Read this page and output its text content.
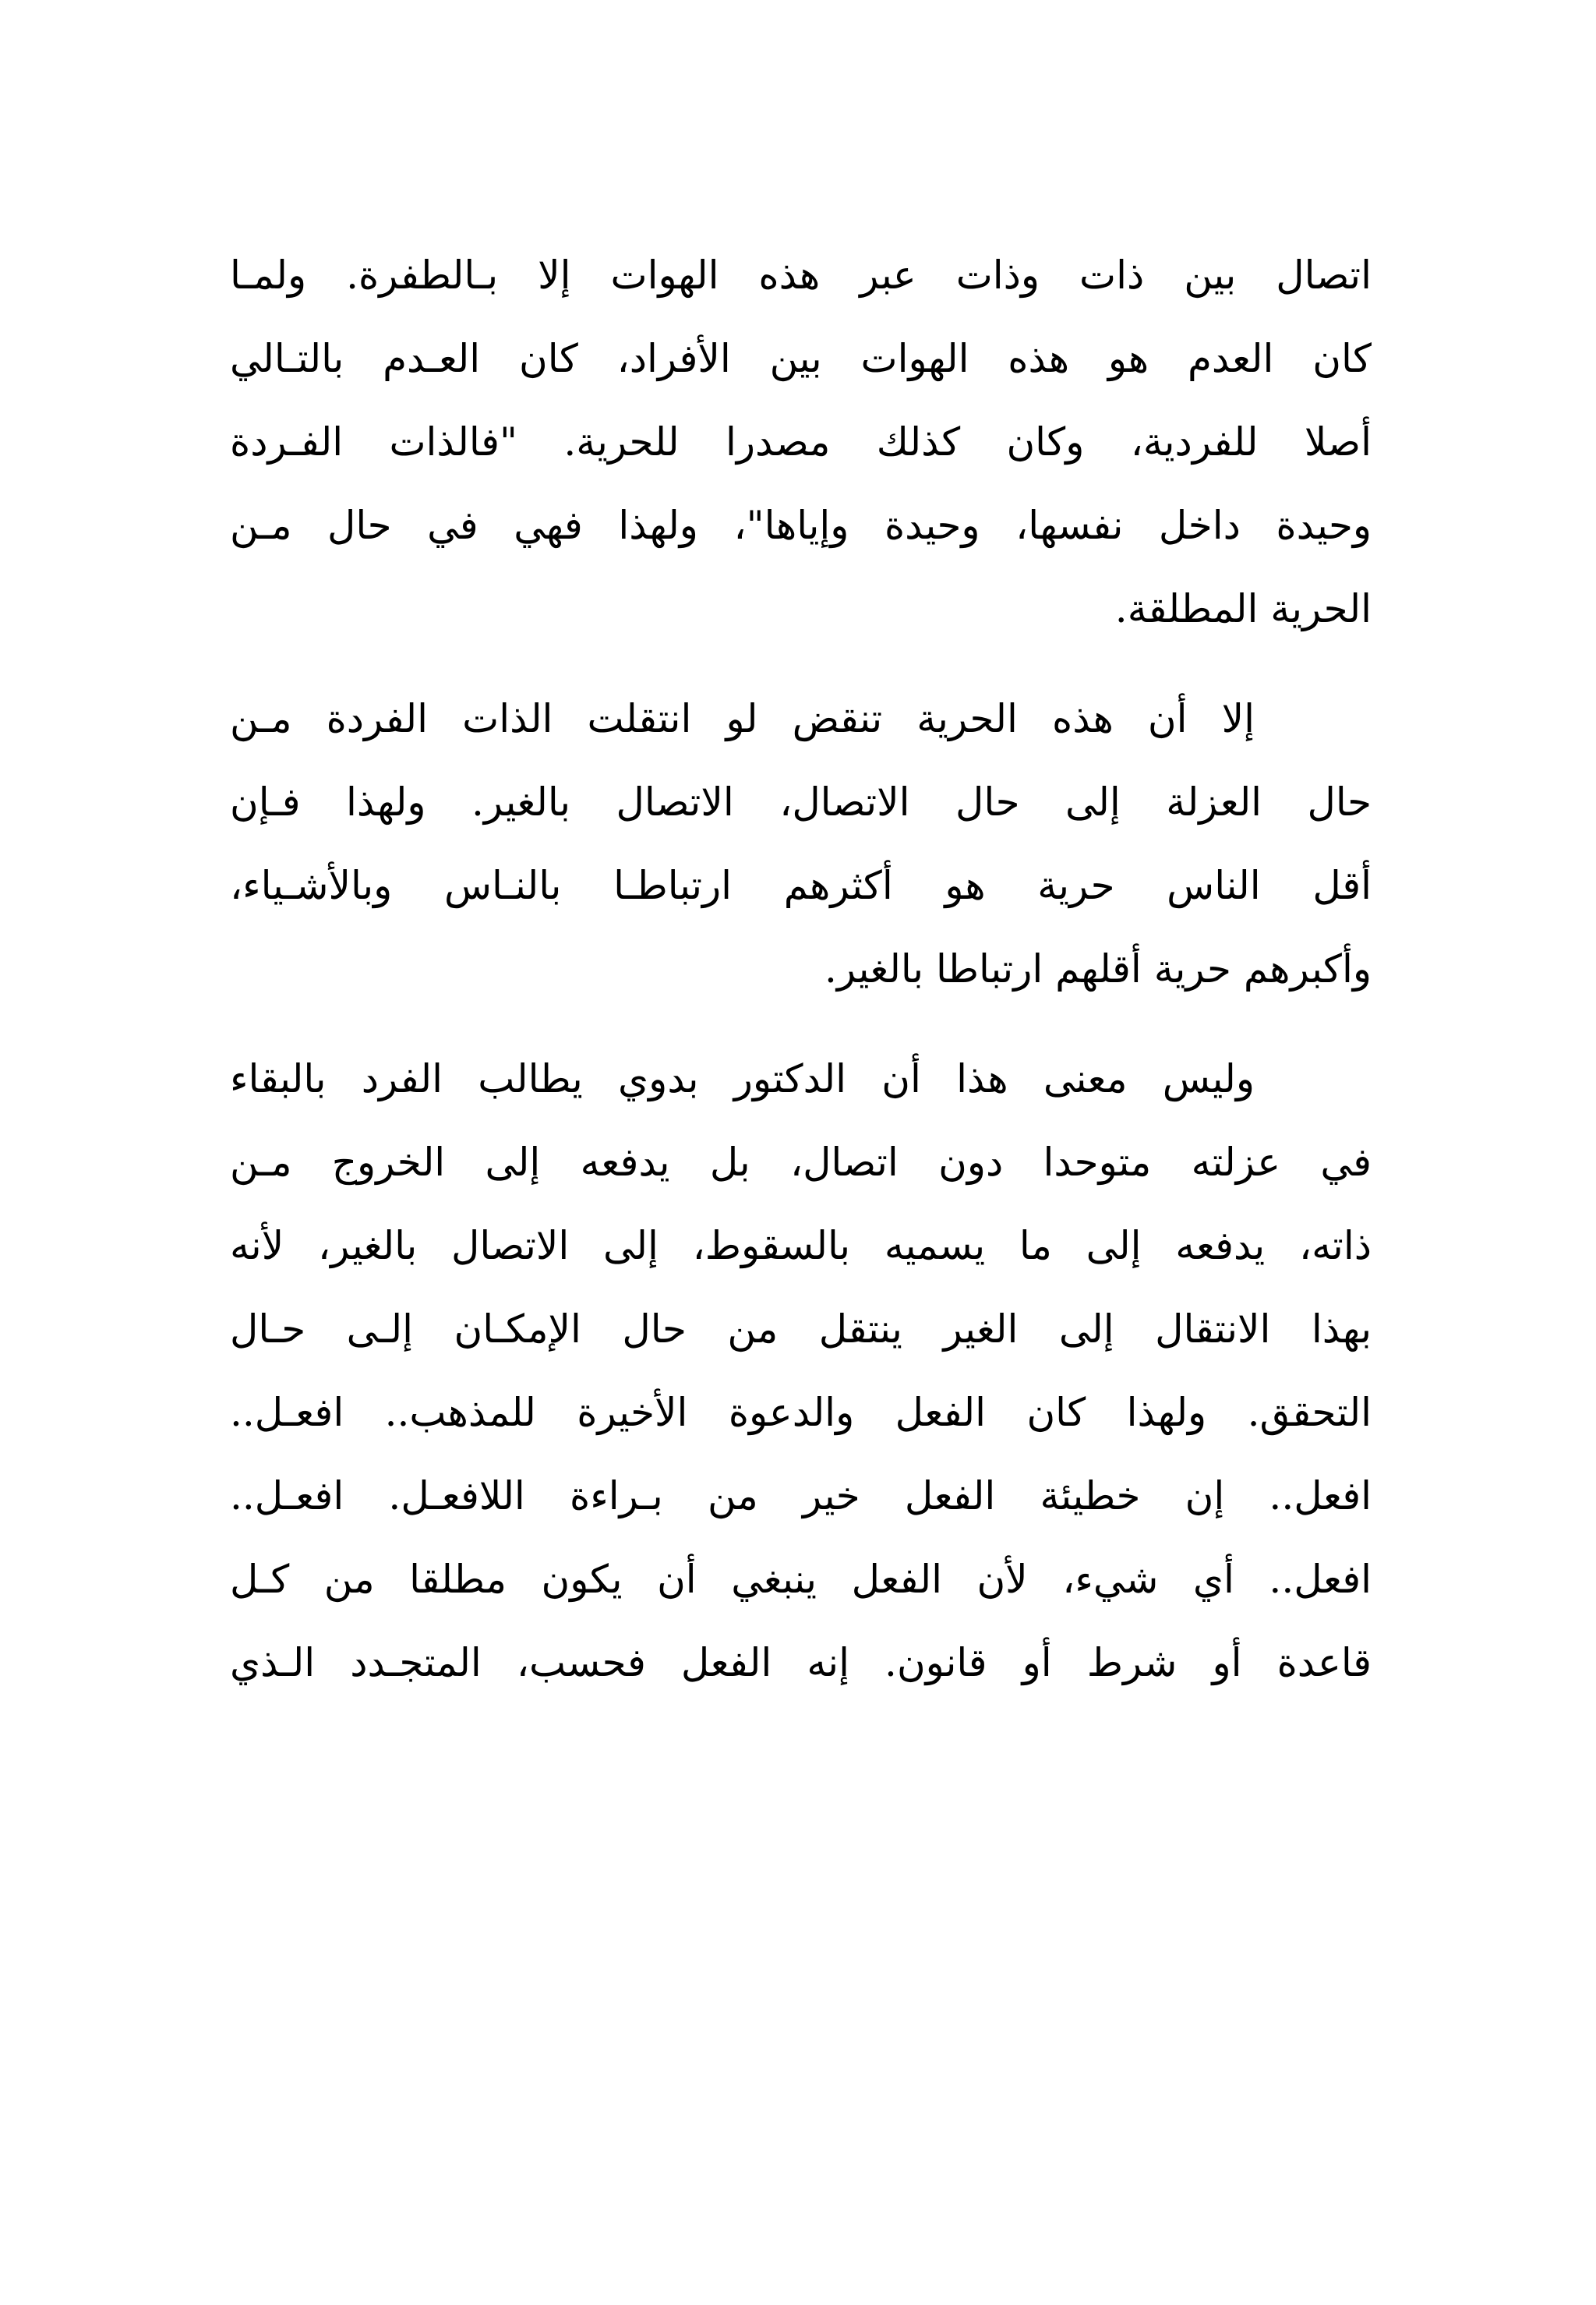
اتصال بين ذات وذات عبر هذه الهوات إلا بـالطفرة. ولمـا
كان العدم هو هذه الهوات بين الأفراد، كان العـدم بالتـالي
أصلا للفردية، وكان كذلك مصدرا للحرية. "فالذات الفـردة
وحيدة داخل نفسها، وحيدة وإياها"، ولهذا فهي في حال مـن
الحرية المطلقة.
إلا أن هذه الحرية تنقض لو انتقلت الذات الفردة مـن
حال العزلة إلى حال الاتصال، الاتصال بالغير. ولهذا فـإن
أقل الناس حرية هو أكثرهم ارتباطـا بالنـاس وبالأشـياء،
وأكبرهم حرية أقلهم ارتباطا بالغير.
وليس معنى هذا أن الدكتور بدوي يطالب الفرد بالبقاء
في عزلته متوحدا دون اتصال، بل يدفعه إلى الخروج مـن
ذاته، يدفعه إلى ما يسميه بالسقوط، إلى الاتصال بالغير، لأنه
بهذا الانتقال إلى الغير ينتقل من حال الإمكـان إلـى حـال
التحقق. ولهذا كان الفعل والدعوة الأخيرة للمذهب.. افعـل..
افعل.. إن خطيئة الفعل خير من بـراءة اللافعـل. افعـل..
افعل.. أي شيء، لأن الفعل ينبغي أن يكون مطلقا من كـل
قاعدة أو شرط أو قانون. إنه الفعل فحسب، المتجـدد الـذي
